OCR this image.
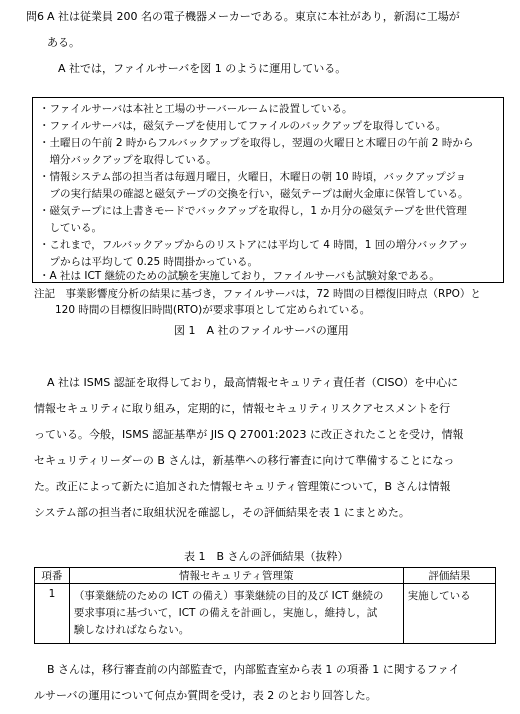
問6 A 社は従業員 200 名の電子機器メーカーである。東京に本社があり，新潟に工場が
ある。
A 社では，ファイルサーバを図 1 のように運用している。
・ファイルサーバは本社と工場のサーバールームに設置している。
・ファイルサーバは，磁気テープを使用してファイルのバックアップを取得している。
・土曜日の午前 2 時からフルバックアップを取得し，翌週の火曜日と木曜日の午前 2 時から
　増分バックアップを取得している。
・情報システム部の担当者は毎週月曜日，火曜日，木曜日の朝 10 時頃，バックアップジョ
　ブの実行結果の確認と磁気テープの交換を行い，磁気テープは耐火金庫に保管している。
・磁気テープには上書きモードでバックアップを取得し，1 か月分の磁気テープを世代管理
　している。
・これまで，フルバックアップからのリストアには平均して 4 時間，1 回の増分バックアッ
　プからは平均して 0.25 時間掛かっている。
・A 社は ICT 継続のための試験を実施しており，ファイルサーバも試験対象である。
注記　事業影響度分析の結果に基づき，ファイルサーバは，72 時間の目標復旧時点（RPO）と
　　120 時間の目標復旧時間(RTO)が要求事項として定められている。
図 1　A 社のファイルサーバの運用
A 社は ISMS 認証を取得しており，最高情報セキュリティ責任者（CISO）を中心に
情報セキュリティに取り組み，定期的に，情報セキュリティリスクアセスメントを行
っている。今般，ISMS 認証基準が JIS Q 27001:2023 に改正されたことを受け，情報
セキュリティリーダーの B さんは，新基準への移行審査に向けて準備することになっ
た。改正によって新たに追加された情報セキュリティ管理策について，B さんは情報
システム部の担当者に取組状況を確認し，その評価結果を表 1 にまとめた。
表 1　B さんの評価結果（抜粋）
項番	情報セキュリティ管理策	評価結果
1	（事業継続のための ICT の備え）事業継続の目的及び ICT 継続の
要求事項に基づいて，ICT の備えを計画し，実施し，維持し，試
験しなければならない。	実施している
B さんは，移行審査前の内部監査で，内部監査室から表 1 の項番 1 に関するファイ
ルサーバの運用について何点か質問を受け，表 2 のとおり回答した。
